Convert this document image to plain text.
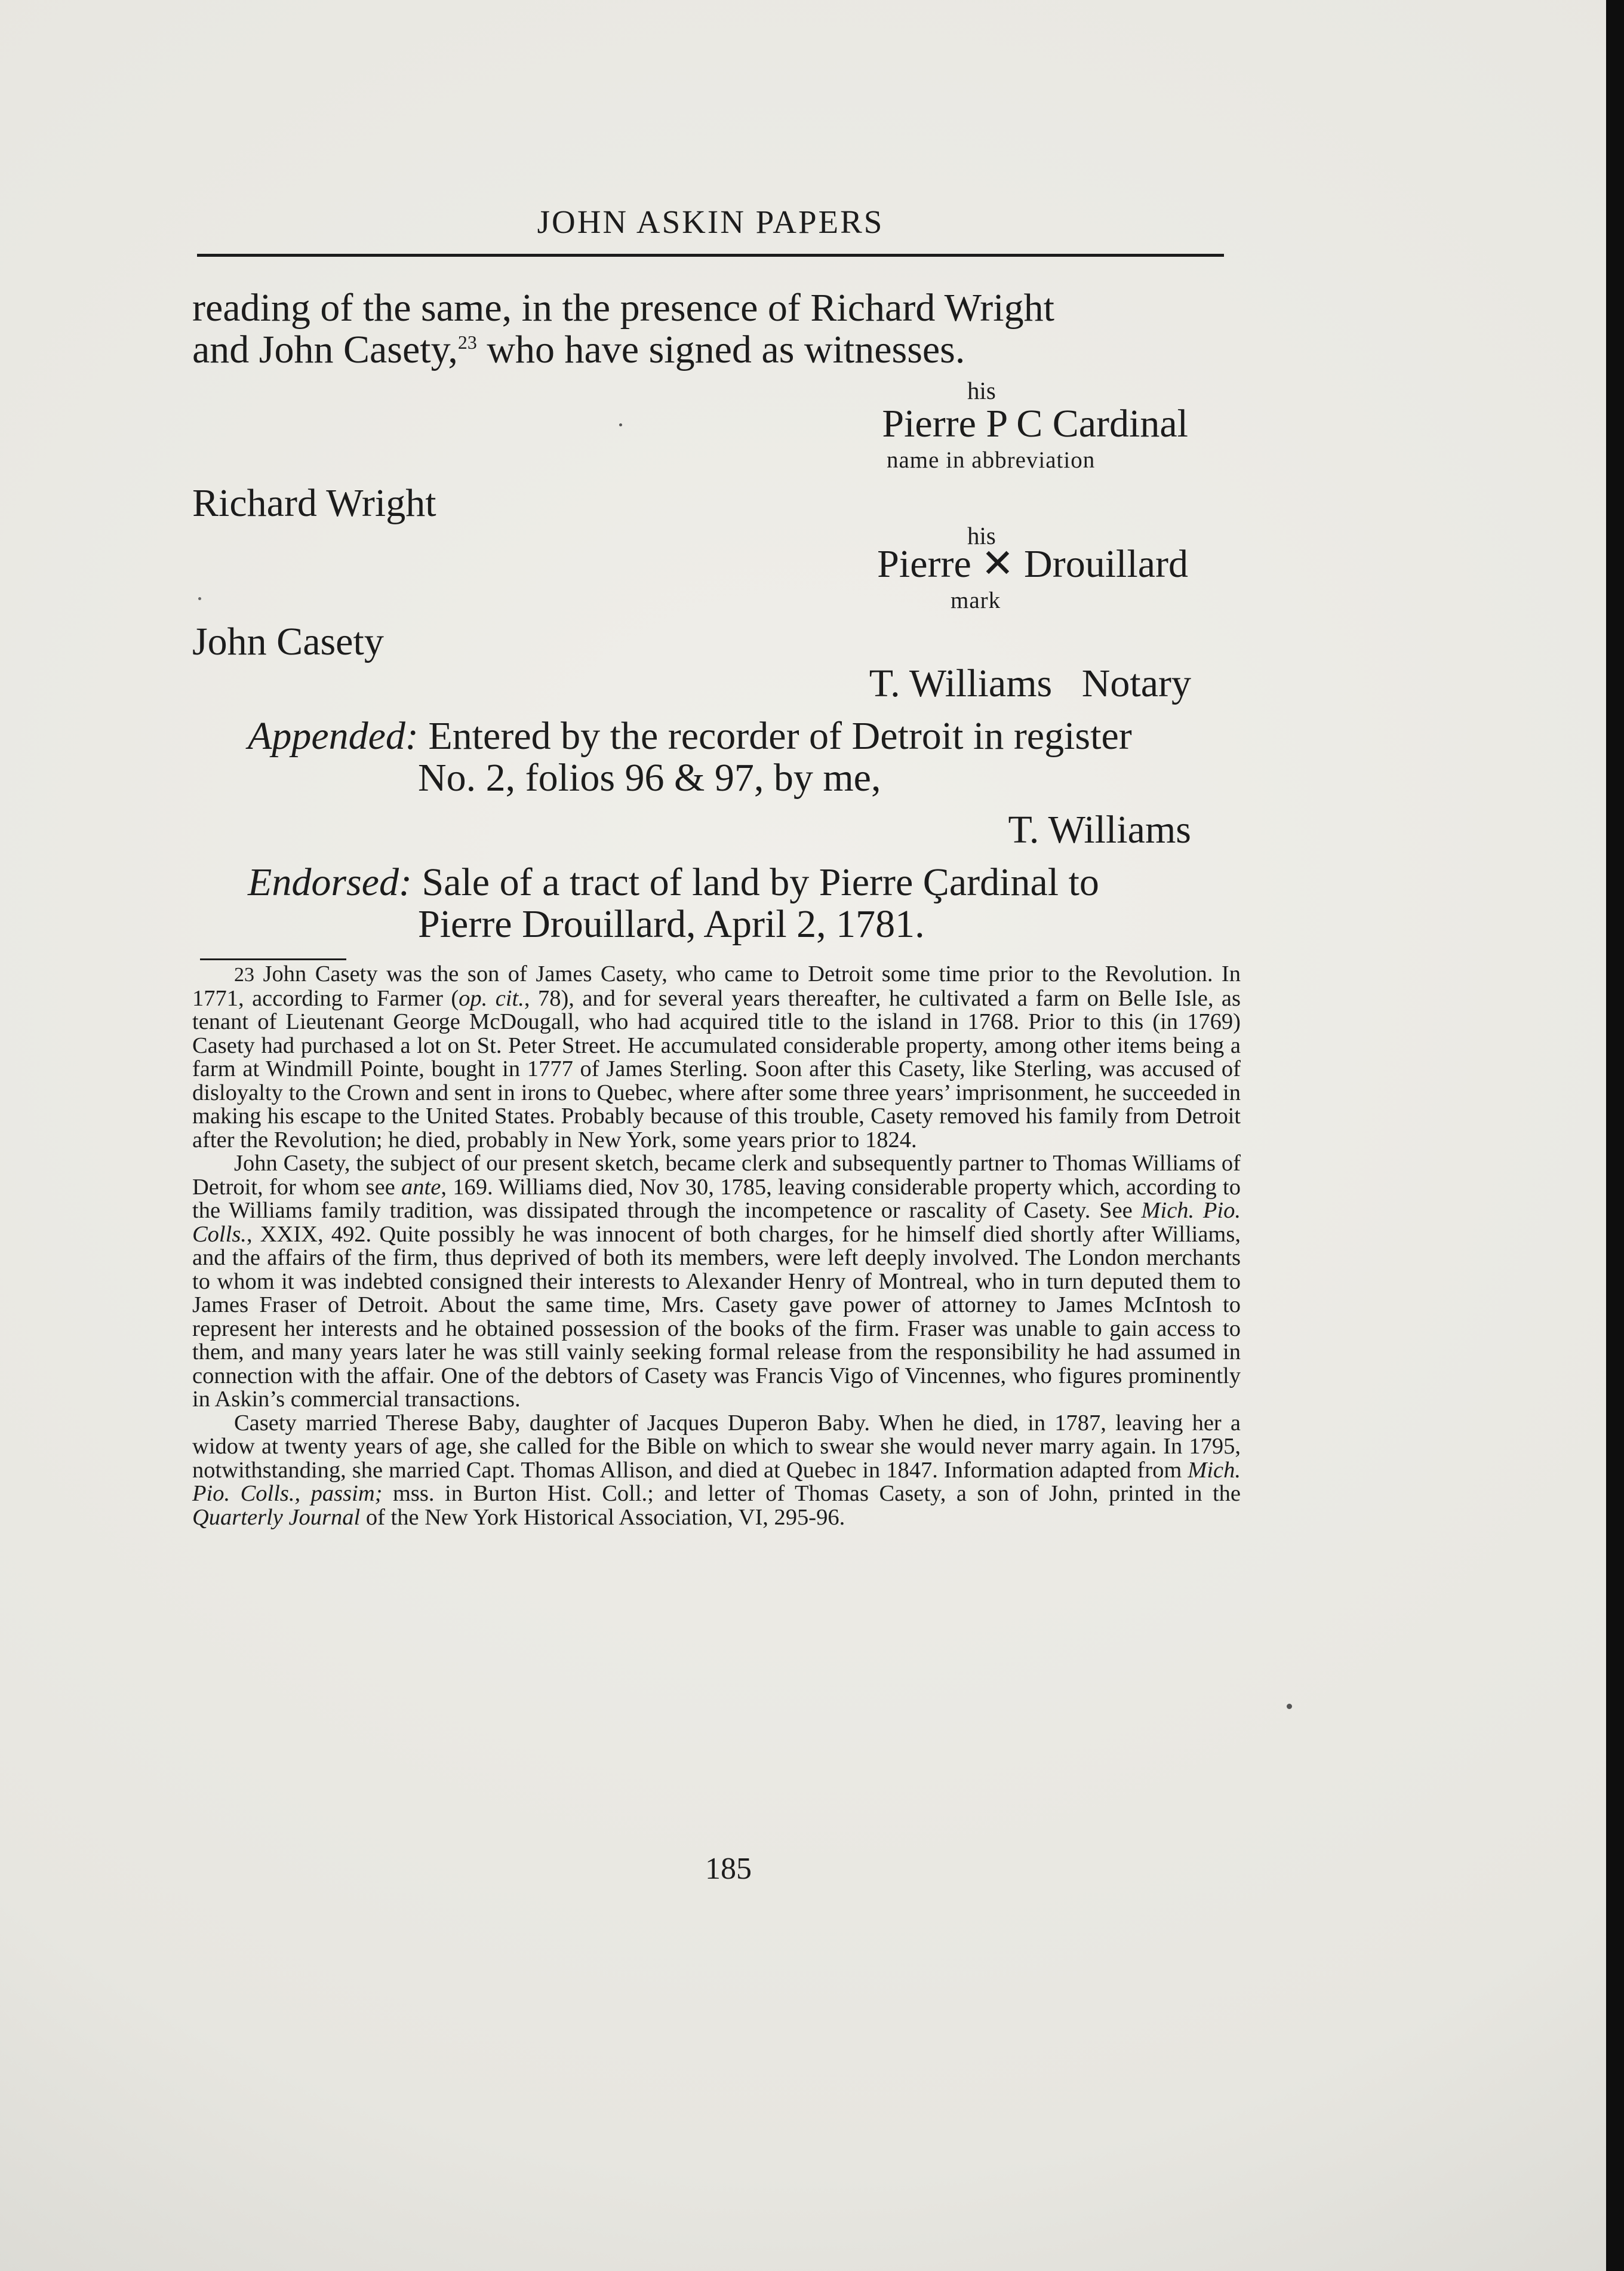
JOHN ASKIN PAPERS
reading of the same, in the presence of Richard Wright
and John Casety,$^{23}$ who have signed as witnesses.
his
Pierre P C Cardinal
name in abbreviation
Richard Wright
his
Pierre ✕ Drouillard
mark
John Casety
T. Williams   Notary
Appended: Entered by the recorder of Detroit in register
No. 2, folios 96 & 97, by me,
T. Williams
Endorsed: Sale of a tract of land by Pierre Çardinal to
Pierre Drouillard, April 2, 1781.

23 John Casety was the son of James Casety, who came to Detroit some time prior to the Revolution. In 1771, according to Farmer (op. cit., 78), and for several years thereafter, he cultivated a farm on Belle Isle, as tenant of Lieutenant George McDougall, who had acquired title to the island in 1768. Prior to this (in 1769) Casety had purchased a lot on St. Peter Street. He accumulated considerable property, among other items being a farm at Windmill Pointe, bought in 1777 of James Sterling. Soon after this Casety, like Sterling, was accused of disloyalty to the Crown and sent in irons to Quebec, where after some three years’ imprisonment, he succeeded in making his escape to the United States. Probably because of this trouble, Casety removed his family from Detroit after the Revolution; he died, probably in New York, some years prior to 1824.

John Casety, the subject of our present sketch, became clerk and subsequently partner to Thomas Williams of Detroit, for whom see ante, 169. Williams died, Nov 30, 1785, leaving considerable property which, according to the Williams family tradition, was dissipated through the incompetence or rascality of Casety. See Mich. Pio. Colls., XXIX, 492. Quite possibly he was innocent of both charges, for he himself died shortly after Williams, and the affairs of the firm, thus deprived of both its members, were left deeply involved. The London merchants to whom it was indebted consigned their interests to Alexander Henry of Montreal, who in turn deputed them to James Fraser of Detroit. About the same time, Mrs. Casety gave power of attorney to James McIntosh to represent her interests and he obtained possession of the books of the firm. Fraser was unable to gain access to them, and many years later he was still vainly seeking formal release from the responsibility he had assumed in connection with the affair. One of the debtors of Casety was Francis Vigo of Vincennes, who figures prominently in Askin’s commercial transactions.

Casety married Therese Baby, daughter of Jacques Duperon Baby. When he died, in 1787, leaving her a widow at twenty years of age, she called for the Bible on which to swear she would never marry again. In 1795, notwithstanding, she married Capt. Thomas Allison, and died at Quebec in 1847. Information adapted from Mich. Pio. Colls., passim; mss. in Burton Hist. Coll.; and letter of Thomas Casety, a son of John, printed in the Quarterly Journal of the New York Historical Association, VI, 295-96.

185
